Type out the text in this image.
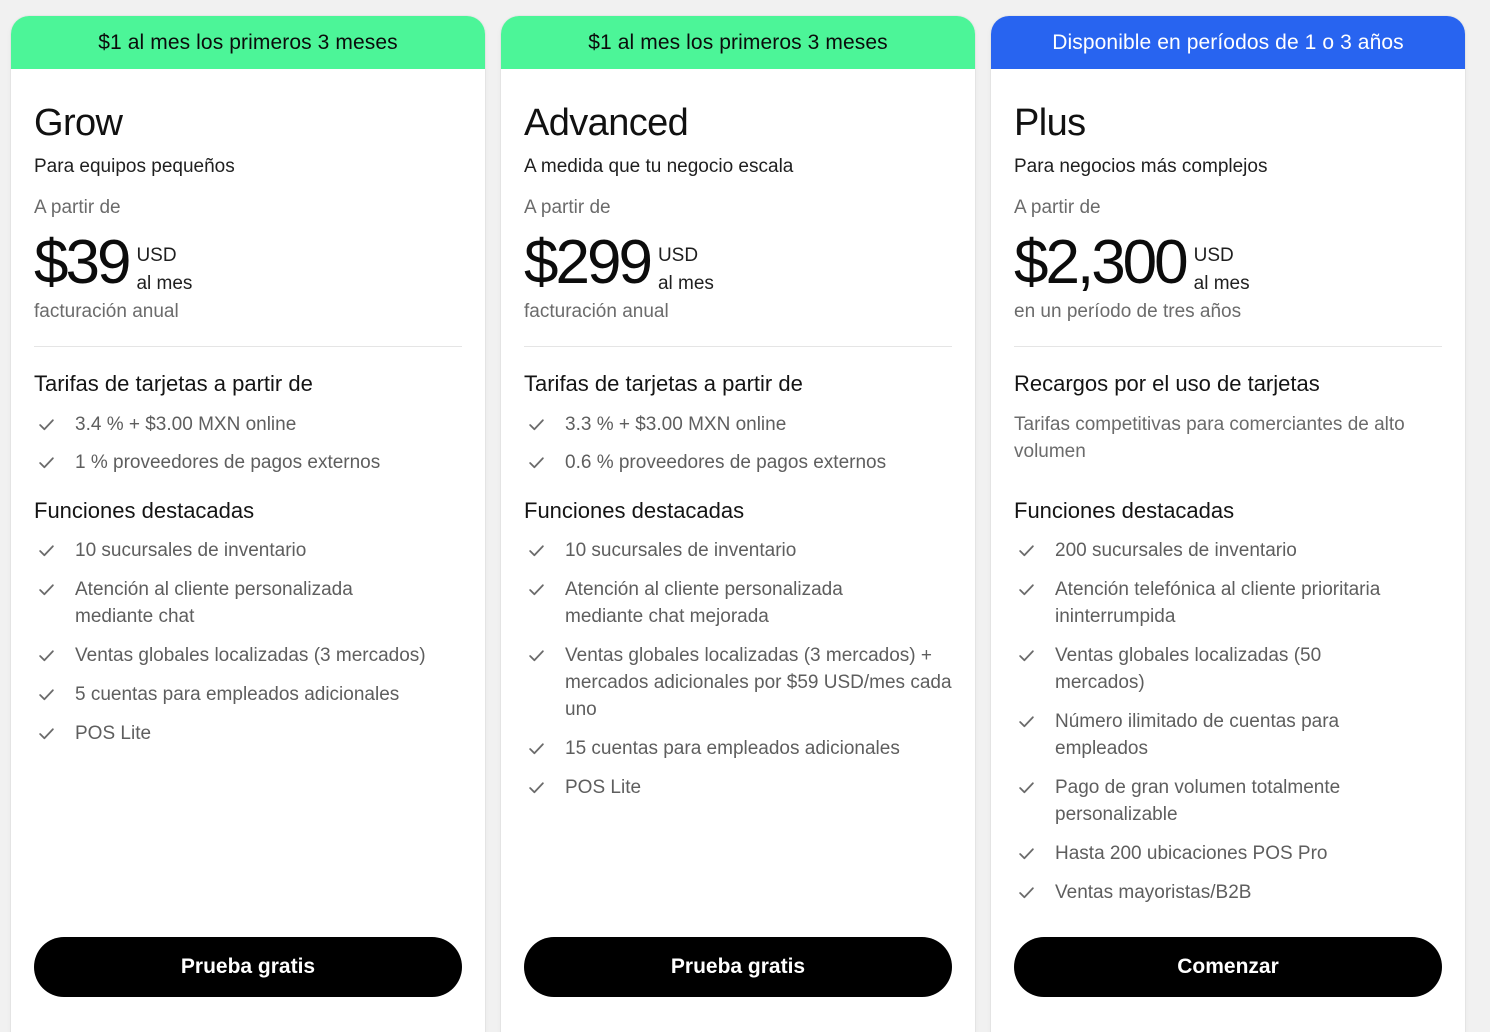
$1 al mes los primeros 3 meses
Grow
Para equipos pequeños
A partir de
$39 USD
al mes
facturación anual
Tarifas de tarjetas a partir de
3.4 % + $3.00 MXN online
1 % proveedores de pagos externos
Funciones destacadas
10 sucursales de inventario
Atención al cliente personalizada mediante chat
Ventas globales localizadas (3 mercados)
5 cuentas para empleados adicionales
POS Lite
Prueba gratis
$1 al mes los primeros 3 meses
Advanced
A medida que tu negocio escala
A partir de
$299 USD
al mes
facturación anual
Tarifas de tarjetas a partir de
3.3 % + $3.00 MXN online
0.6 % proveedores de pagos externos
Funciones destacadas
10 sucursales de inventario
Atención al cliente personalizada mediante chat mejorada
Ventas globales localizadas (3 mercados) + mercados adicionales por $59 USD/mes cada uno
15 cuentas para empleados adicionales
POS Lite
Prueba gratis
Disponible en períodos de 1 o 3 años
Plus
Para negocios más complejos
A partir de
$2,300 USD
al mes
en un período de tres años
Recargos por el uso de tarjetas
Tarifas competitivas para comerciantes de alto volumen
Funciones destacadas
200 sucursales de inventario
Atención telefónica al cliente prioritaria ininterrumpida
Ventas globales localizadas (50 mercados)
Número ilimitado de cuentas para empleados
Pago de gran volumen totalmente personalizable
Hasta 200 ubicaciones POS Pro
Ventas mayoristas/B2B
Comenzar
